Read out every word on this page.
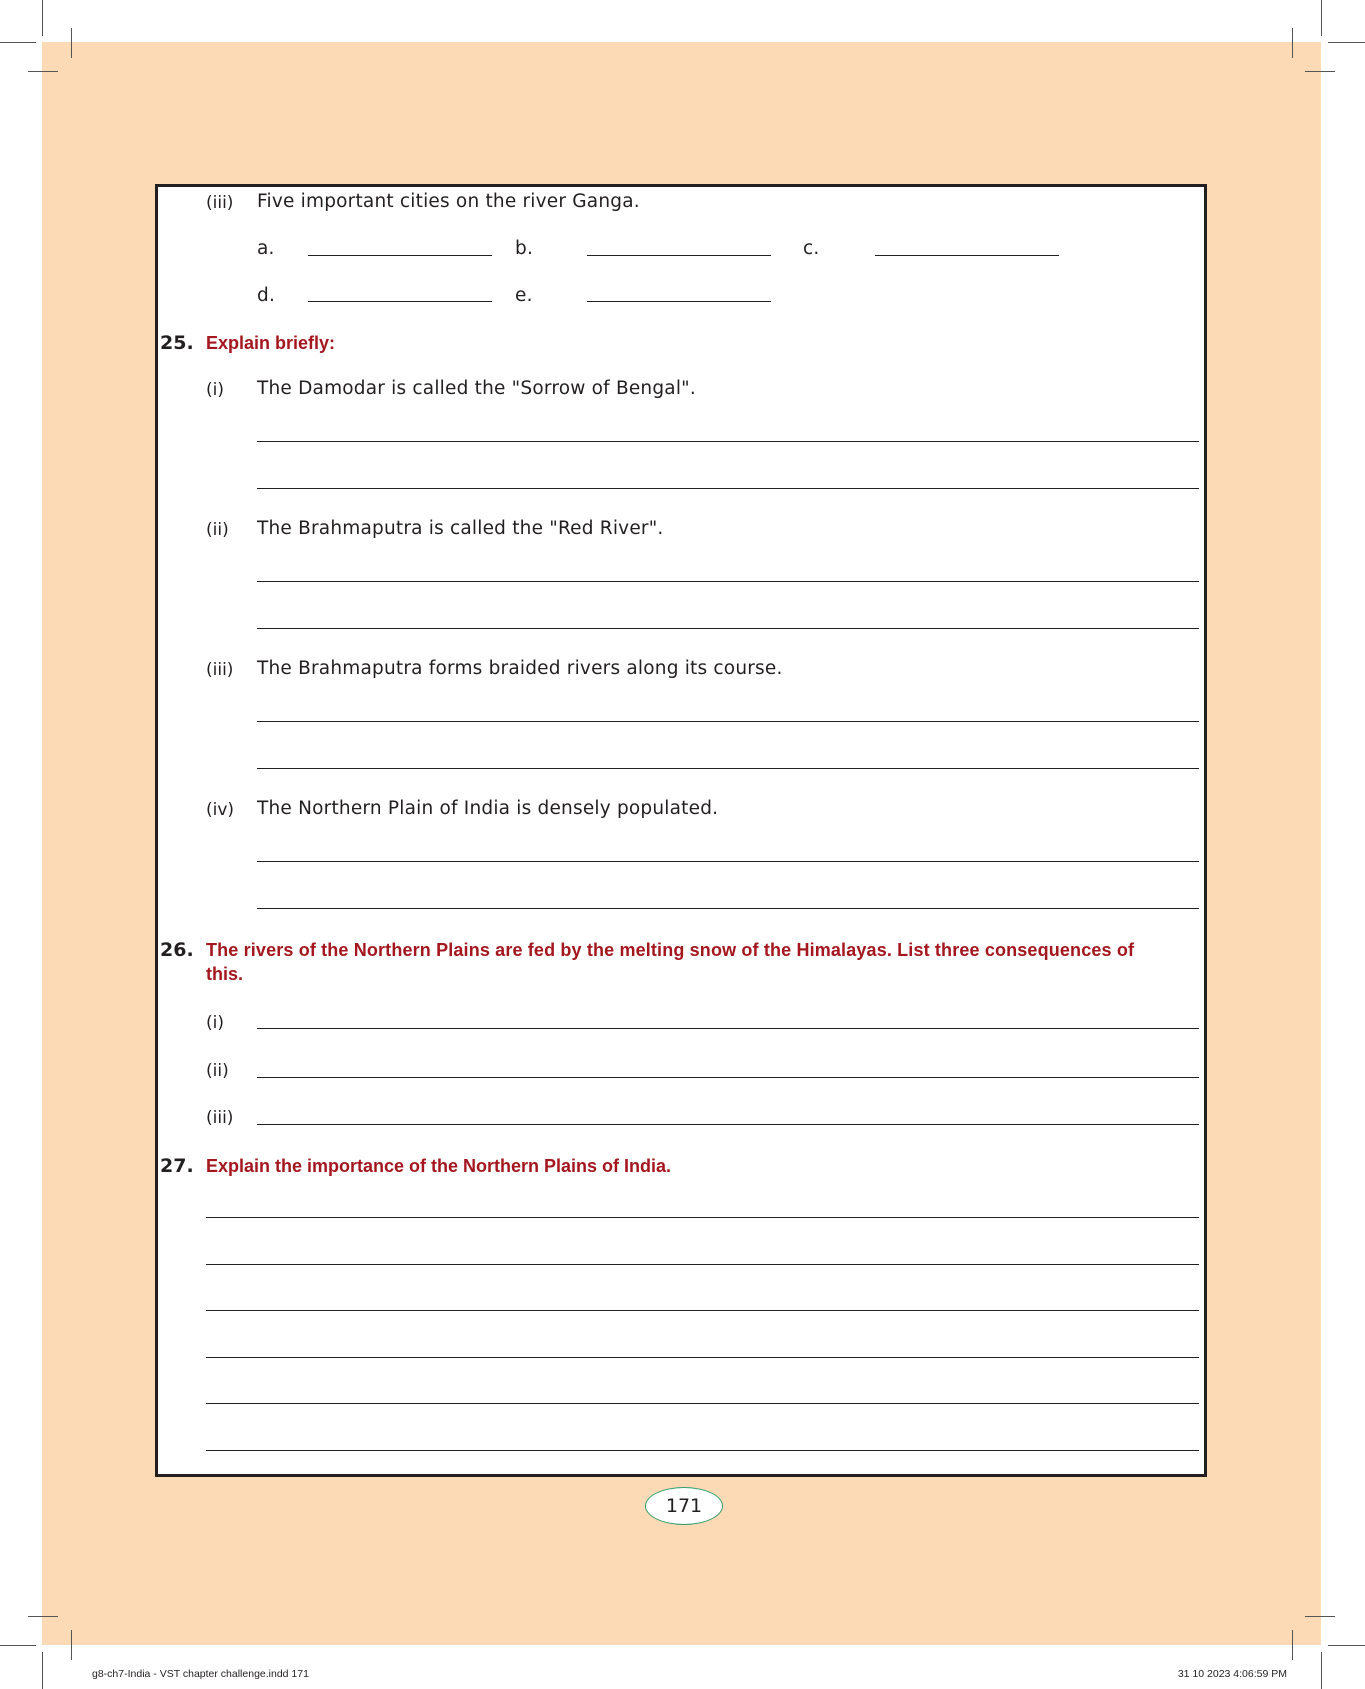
(iii) Five important cities on the river Ganga.
a.	b.	c.
d.	e.
25. Explain briefly:
(i) The Damodar is called the "Sorrow of Bengal".
(ii) The Brahmaputra is called the "Red River".
(iii) The Brahmaputra forms braided rivers along its course.
(iv) The Northern Plain of India is densely populated.
26. The rivers of the Northern Plains are fed by the melting snow of the Himalayas. List three consequences of
this.
(i)
(ii)
(iii)
27. Explain the importance of the Northern Plains of India.
171
g8-ch7-India - VST chapter challenge.indd 171	31 10 2023 4:06:59 PM
